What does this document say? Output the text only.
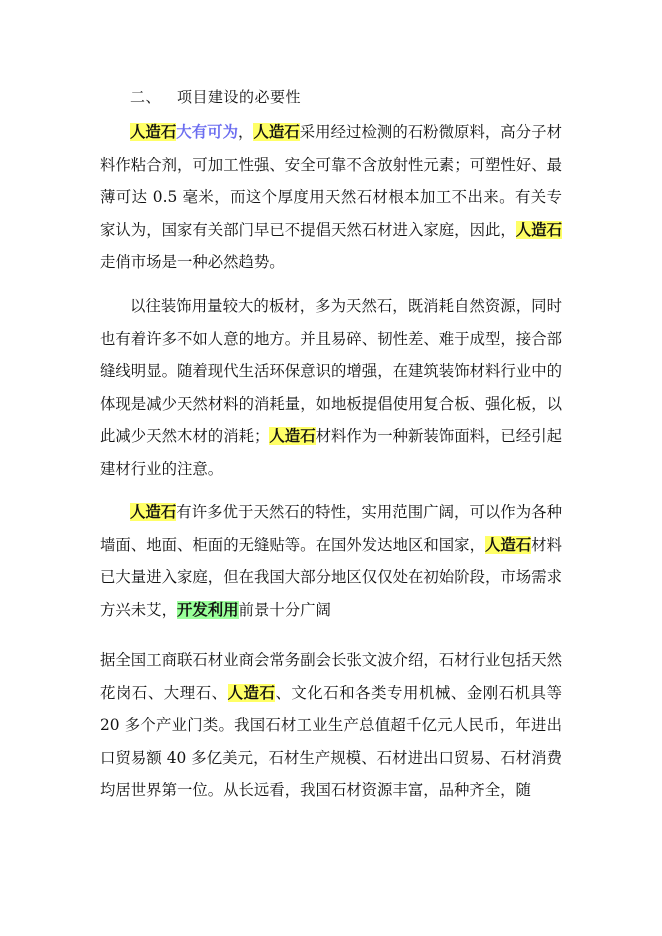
二、 项目建设的必要性

人造石大有可为，人造石采用经过检测的石粉微原料，高分子材料作粘合剂，可加工性强、安全可靠不含放射性元素；可塑性好、最薄可达 0.5 毫米，而这个厚度用天然石材根本加工不出来。有关专家认为，国家有关部门早已不提倡天然石材进入家庭，因此，人造石走俏市场是一种必然趋势。

以往装饰用量较大的板材，多为天然石，既消耗自然资源，同时也有着许多不如人意的地方。并且易碎、韧性差、难于成型，接合部缝线明显。随着现代生活环保意识的增强，在建筑装饰材料行业中的体现是减少天然材料的消耗量，如地板提倡使用复合板、强化板，以此减少天然木材的消耗；人造石材料作为一种新装饰面料，已经引起建材行业的注意。

人造石有许多优于天然石的特性，实用范围广阔，可以作为各种墙面、地面、柜面的无缝贴等。在国外发达地区和国家，人造石材料已大量进入家庭，但在我国大部分地区仅仅处在初始阶段，市场需求方兴未艾，开发利用前景十分广阔

据全国工商联石材业商会常务副会长张文波介绍，石材行业包括天然花岗石、大理石、人造石、文化石和各类专用机械、金刚石机具等 20 多个产业门类。我国石材工业生产总值超千亿元人民币，年进出口贸易额 40 多亿美元，石材生产规模、石材进出口贸易、石材消费均居世界第一位。从长远看，我国石材资源丰富，品种齐全，随
